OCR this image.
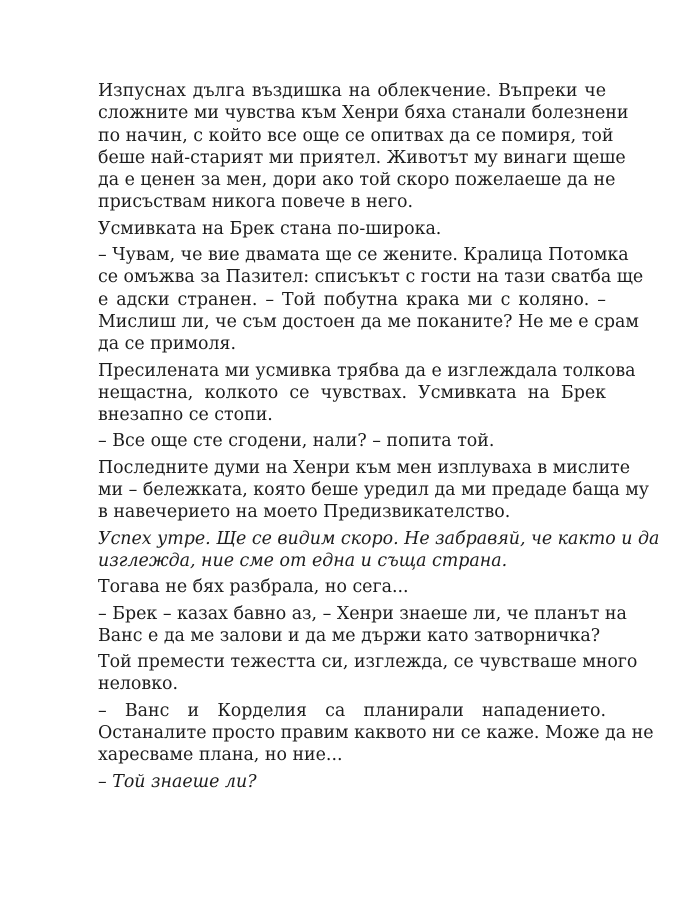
Изпуснах дълга въздишка на облекчение. Въпреки че
сложните ми чувства към Хенри бяха станали болезнени
по начин, с който все още се опитвах да се помиря, той
беше най-старият ми приятел. Животът му винаги щеше
да е ценен за мен, дори ако той скоро пожелаеше да не
присъствам никога повече в него.
Усмивката на Брек стана по-широка.
– Чувам, че вие двамата ще се жените. Кралица Потомка
се омъжва за Пазител: списъкът с гости на тази сватба ще
е адски странен. – Той побутна крака ми с коляно. –
Мислиш ли, че съм достоен да ме поканите? Не ме е срам
да се примоля.
Пресилената ми усмивка трябва да е изглеждала толкова
нещастна, колкото се чувствах. Усмивката на Брек
внезапно се стопи.
– Все още сте сгодени, нали? – попита той.
Последните думи на Хенри към мен изплуваха в мислите
ми – бележката, която беше уредил да ми предаде баща му
в навечерието на моето Предизвикателство.
Успех утре. Ще се видим скоро. Не забравяй, че както и да
изглежда, ние сме от една и съща страна.
Тогава не бях разбрала, но сега...
– Брек – казах бавно аз, – Хенри знаеше ли, че планът на
Ванс е да ме залови и да ме държи като затворничка?
Той премести тежестта си, изглежда, се чувстваше много
неловко.
– Ванс и Корделия са планирали нападението.
Останалите просто правим каквото ни се каже. Може да не
харесваме плана, но ние...
– Той знаеше ли?
